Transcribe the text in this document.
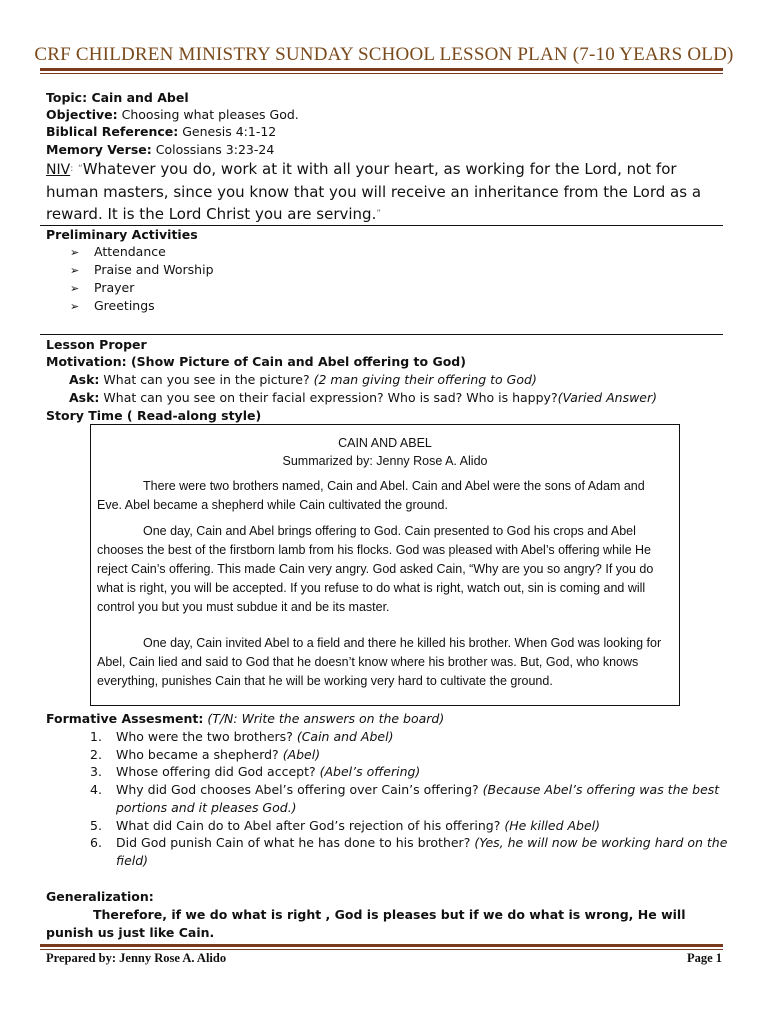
CRF CHILDREN MINISTRY SUNDAY SCHOOL LESSON PLAN (7-10 YEARS OLD)
Topic: Cain and Abel
Objective: Choosing what pleases God.
Biblical Reference: Genesis 4:1-12
Memory Verse: Colossians 3:23-24
NIV: “Whatever you do, work at it with all your heart, as working for the Lord, not for human masters, since you know that you will receive an inheritance from the Lord as a reward. It is the Lord Christ you are serving.”
Preliminary Activities
➢ Attendance
➢ Praise and Worship
➢ Prayer
➢ Greetings
Lesson Proper
Motivation: (Show Picture of Cain and Abel offering to God)
Ask: What can you see in the picture? (2 man giving their offering to God)
Ask: What can you see on their facial expression? Who is sad? Who is happy?(Varied Answer)
Story Time ( Read-along style)
CAIN AND ABEL
Summarized by: Jenny Rose A. Alido

There were two brothers named, Cain and Abel. Cain and Abel were the sons of Adam and Eve. Abel became a shepherd while Cain cultivated the ground.

One day, Cain and Abel brings offering to God. Cain presented to God his crops and Abel chooses the best of the firstborn lamb from his flocks. God was pleased with Abel’s offering while He reject Cain’s offering. This made Cain very angry. God asked Cain, “Why are you so angry? If you do what is right, you will be accepted. If you refuse to do what is right, watch out, sin is coming and will control you but you must subdue it and be its master.

One day, Cain invited Abel to a field and there he killed his brother. When God was looking for Abel, Cain lied and said to God that he doesn’t know where his brother was. But, God, who knows everything, punishes Cain that he will be working very hard to cultivate the ground.

Formative Assesment: (T/N: Write the answers on the board)
1. Who were the two brothers? (Cain and Abel)
2. Who became a shepherd? (Abel)
3. Whose offering did God accept? (Abel’s offering)
4. Why did God chooses Abel’s offering over Cain’s offering? (Because Abel’s offering was the best portions and it pleases God.)
5. What did Cain do to Abel after God’s rejection of his offering? (He killed Abel)
6. Did God punish Cain of what he has done to his brother? (Yes, he will now be working hard on the field)
Generalization:
Therefore, if we do what is right , God is pleases but if we do what is wrong, He will punish us just like Cain.
Prepared by: Jenny Rose A. Alido	Page 1
